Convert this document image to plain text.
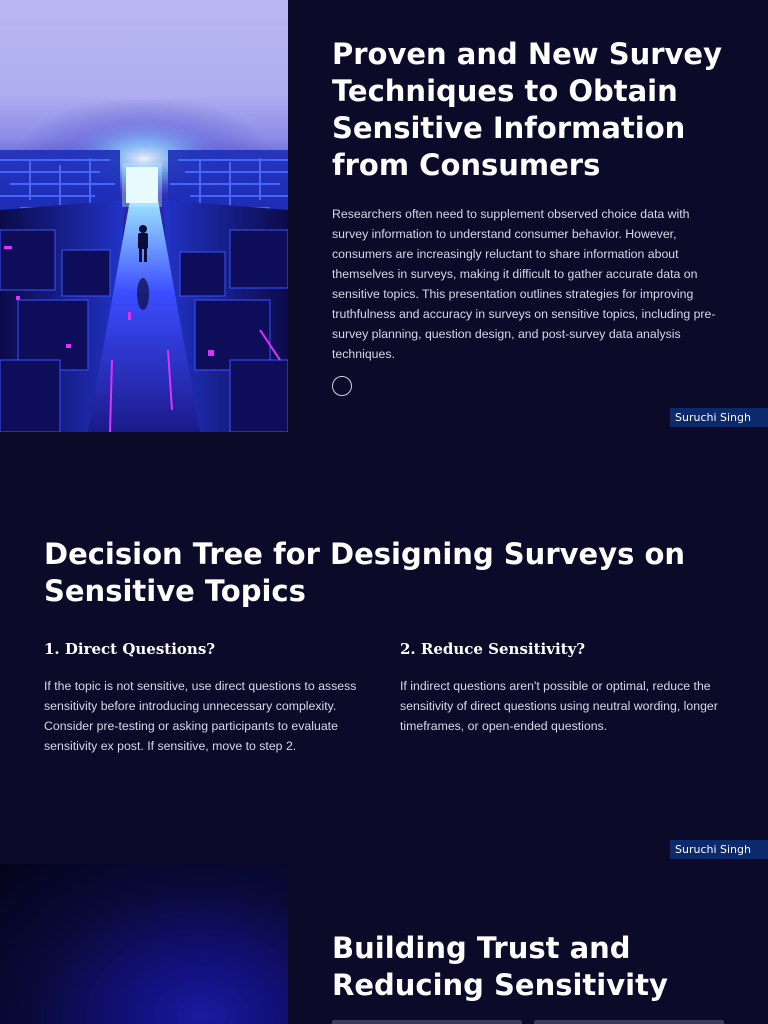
Proven and New Survey Techniques to Obtain Sensitive Information from Consumers

Researchers often need to supplement observed choice data with survey information to understand consumer behavior. However, consumers are increasingly reluctant to share information about themselves in surveys, making it difficult to gather accurate data on sensitive topics. This presentation outlines strategies for improving truthfulness and accuracy in surveys on sensitive topics, including pre-survey planning, question design, and post-survey data analysis techniques.

Suruchi Singh
Decision Tree for Designing Surveys on Sensitive Topics
1. Direct Questions?

If the topic is not sensitive, use direct questions to assess sensitivity before introducing unnecessary complexity. Consider pre-testing or asking participants to evaluate sensitivity ex post. If sensitive, move to step 2.

2. Reduce Sensitivity?

If indirect questions aren't possible or optimal, reduce the sensitivity of direct questions using neutral wording, longer timeframes, or open-ended questions.

Suruchi Singh
Building Trust and Reducing Sensitivity
